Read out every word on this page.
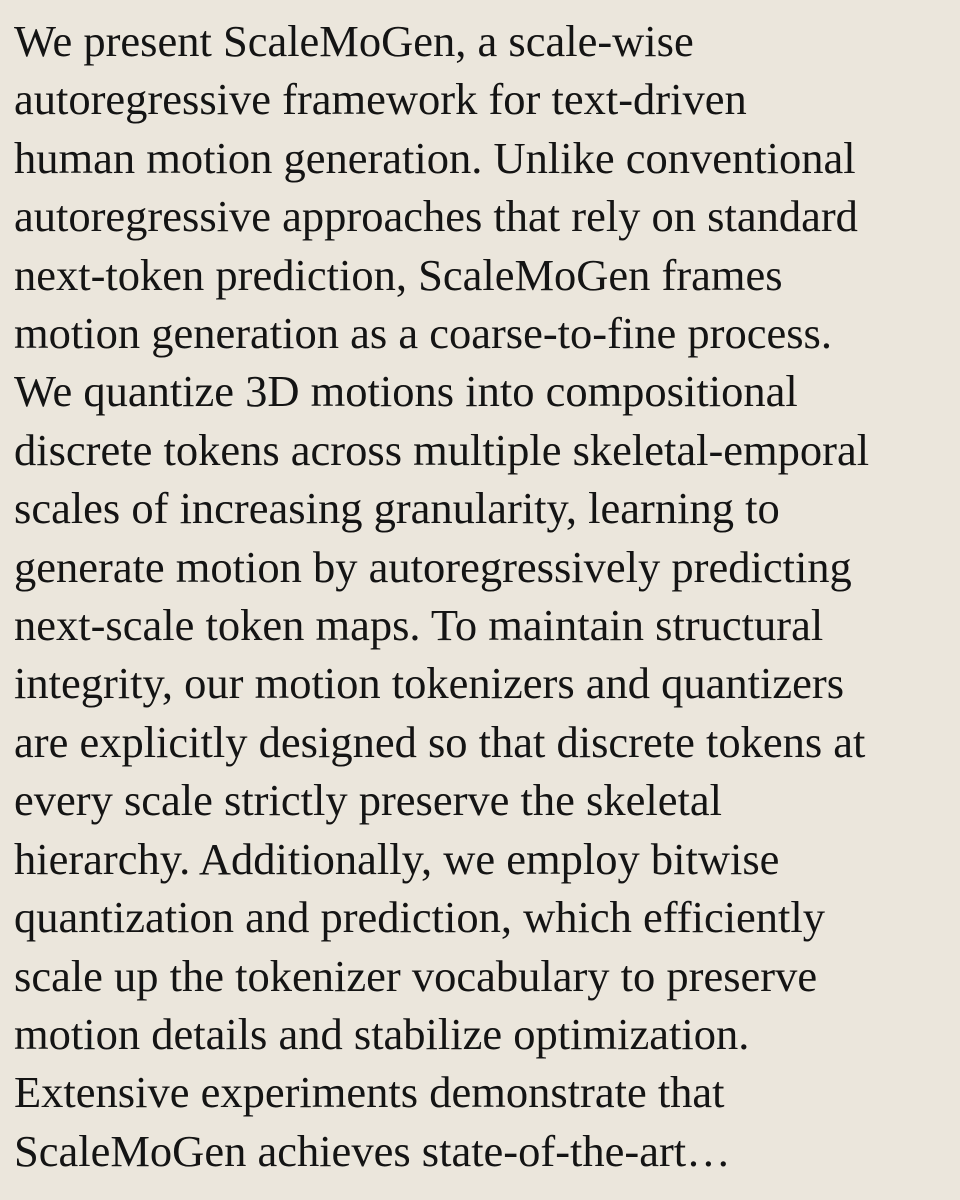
We present ScaleMoGen, a scale-wise
autoregressive framework for text-driven
human motion generation. Unlike conventional
autoregressive approaches that rely on standard
next-token prediction, ScaleMoGen frames
motion generation as a coarse-to-fine process.
We quantize 3D motions into compositional
discrete tokens across multiple skeletal-emporal
scales of increasing granularity, learning to
generate motion by autoregressively predicting
next-scale token maps. To maintain structural
integrity, our motion tokenizers and quantizers
are explicitly designed so that discrete tokens at
every scale strictly preserve the skeletal
hierarchy. Additionally, we employ bitwise
quantization and prediction, which efficiently
scale up the tokenizer vocabulary to preserve
motion details and stabilize optimization.
Extensive experiments demonstrate that
ScaleMoGen achieves state-of-the-art…
